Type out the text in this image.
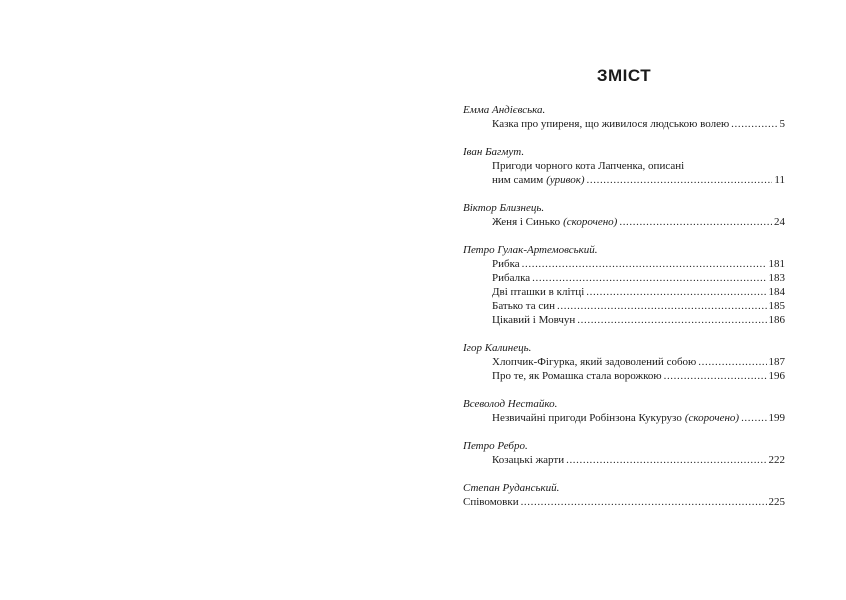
ЗМІСТ
Емма Андієвська.
Казка про упиреня, що живилося людською волею .....	5
Іван Багмут.
Пригоди чорного кота Лапченка, описані
ним самим (уривок) .....	11
Віктор Близнець.
Женя і Синько (скорочено) .....	24
Петро Гулак-Артемовський.
Рибка .....	181
Рибалка .....	183
Дві пташки в клітці .....	184
Батько та син .....	185
Цікавий і Мовчун .....	186
Ігор Калинець.
Хлопчик-Фігурка, який задоволений собою .....	187
Про те, як Ромашка стала ворожкою .....	196
Всеволод Нестайко.
Незвичайні пригоди Робінзона Кукурузо (скорочено) .....	199
Петро Ребро.
Козацькі жарти .....	222
Степан Руданський.
Співомовки .....	225
